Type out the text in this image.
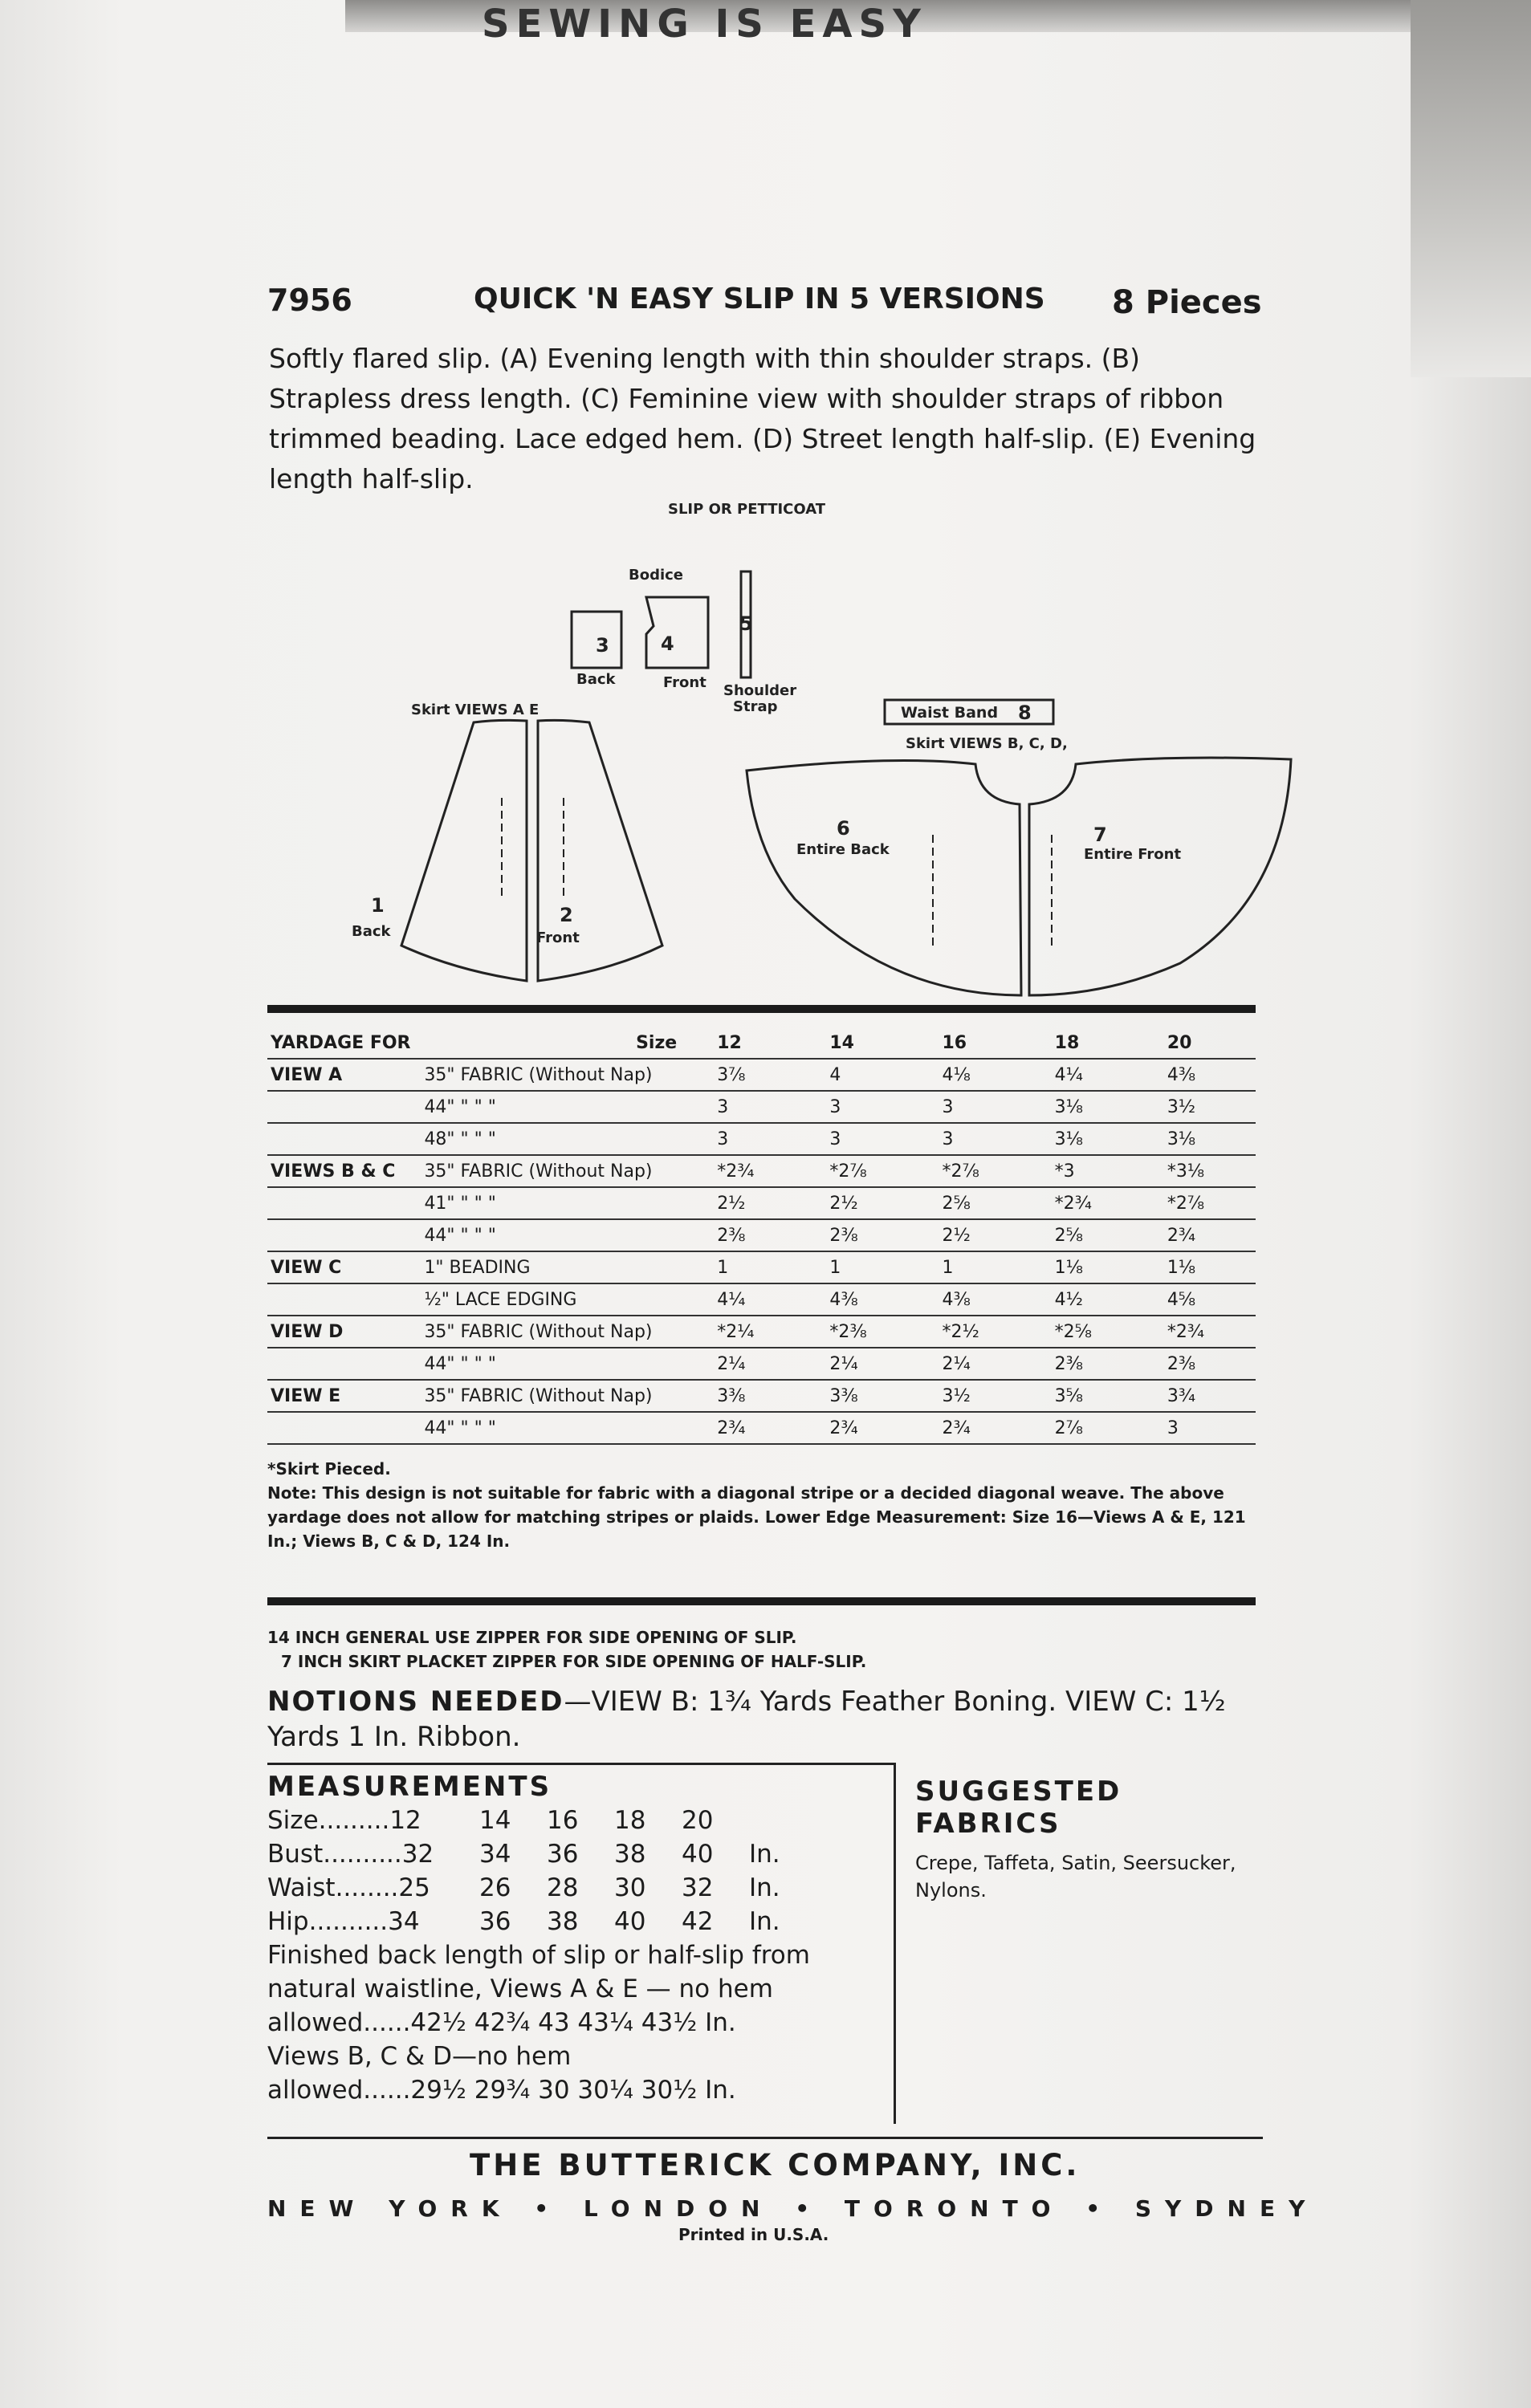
SEWING IS EASY
7956	QUICK 'N EASY SLIP IN 5 VERSIONS 8 Pieces
Softly flared slip. (A) Evening length with thin shoulder straps. (B) Strapless dress length. (C) Feminine view with shoulder straps of ribbon trimmed beading. Lace edged hem. (D) Street length half-slip. (E) Evening length half-slip.
SLIP OR PETTICOAT
Bodice
3
Back
4
Front
5
Shoulder
Strap
Skirt VIEWS A E
1
Back
2
Front
Waist Band 8
Skirt VIEWS B, C, D,
6
Entire Back
7
Entire Front
YARDAGE FOR	Size	12	14	16	18	20
VIEW A	35" FABRIC (Without Nap)	3⅞	4	4⅛	4¼	4⅜
	44" " " "	3	3	3	3⅛	3½
	48" " " "	3	3	3	3⅛	3⅛
VIEWS B & C	35" FABRIC (Without Nap)	*2¾	*2⅞	*2⅞	*3	*3⅛
	41" " " "	2½	2½	2⅝	*2¾	*2⅞
	44" " " "	2⅜	2⅜	2½	2⅝	2¾
VIEW C	1" BEADING	1	1	1	1⅛	1⅛
	½" LACE EDGING	4¼	4⅜	4⅜	4½	4⅝
VIEW D	35" FABRIC (Without Nap)	*2¼	*2⅜	*2½	*2⅝	*2¾
	44" " " "	2¼	2¼	2¼	2⅜	2⅜
VIEW E	35" FABRIC (Without Nap)	3⅜	3⅜	3½	3⅝	3¾
	44" " " "	2¾	2¾	2¾	2⅞	3
*Skirt Pieced.
Note: This design is not suitable for fabric with a diagonal stripe or a decided diagonal weave. The above yardage does not allow for matching stripes or plaids. Lower Edge Measurement: Size 16—Views A & E, 121 In.; Views B, C & D, 124 In.
14 INCH GENERAL USE ZIPPER FOR SIDE OPENING OF SLIP.
7 INCH SKIRT PLACKET ZIPPER FOR SIDE OPENING OF HALF-SLIP.
NOTIONS NEEDED—VIEW B: 1¾ Yards Feather Boning. VIEW C: 1½ Yards 1 In. Ribbon.
MEASUREMENTS
Size.........12	14	16	18	20	
Bust..........32	34	36	38	40	In.
Waist........25	26	28	30	32	In.
Hip..........34	36	38	40	42	In.
Finished back length of slip or half-slip from
natural waistline, Views A & E — no hem
allowed......42½ 42¾ 43 43¼ 43½ In.
Views B, C & D—no hem
allowed......29½ 29¾ 30 30¼ 30½ In.
SUGGESTED FABRICS
Crepe, Taffeta, Satin, Seersucker, Nylons.
THE BUTTERICK COMPANY, INC.
NEW YORK • LONDON • TORONTO • SYDNEY
Printed in U.S.A.
